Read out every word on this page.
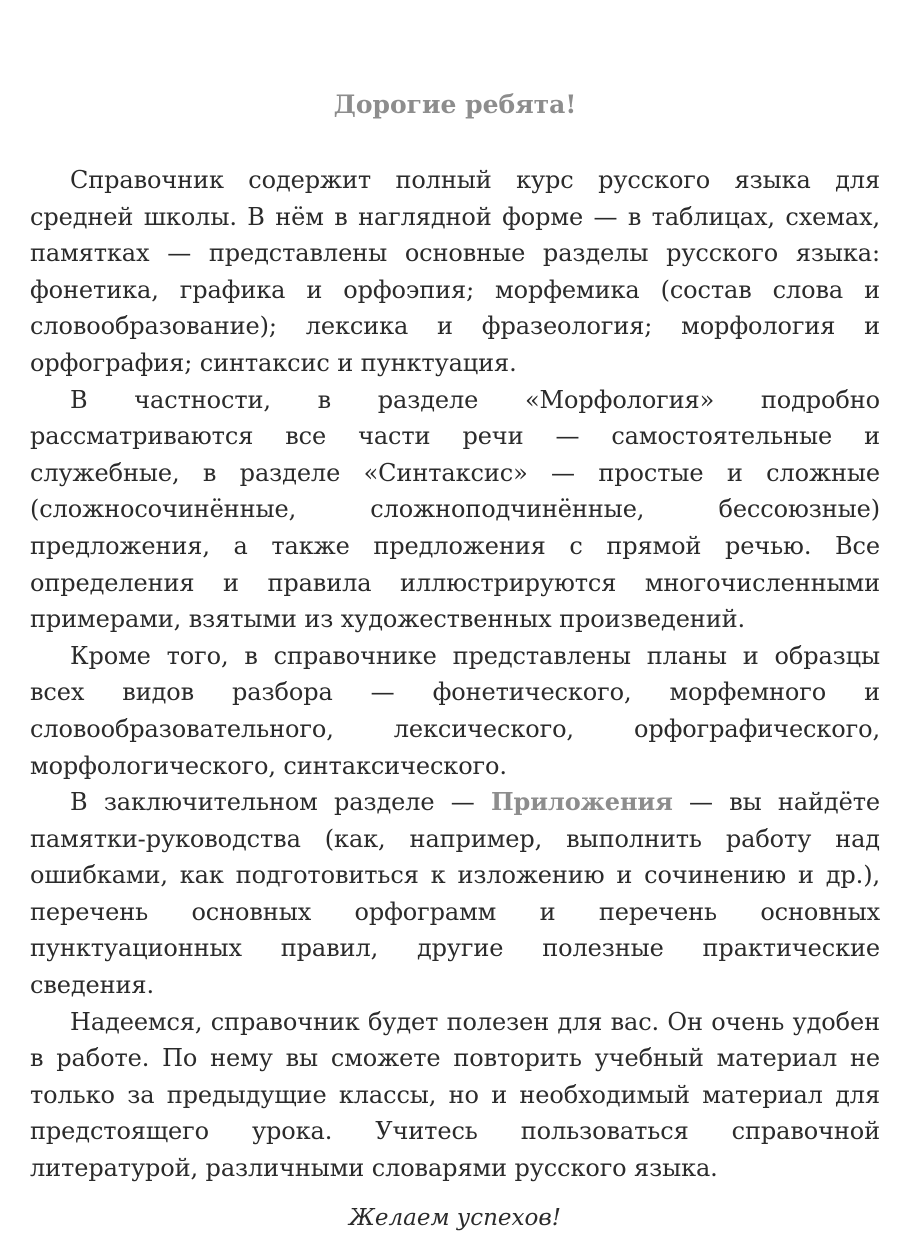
Дорогие ребята!

Справочник содержит полный курс русского языка для средней школы. В нём в наглядной форме — в таблицах, схемах, памятках — представлены основные разделы русского языка: фонетика, графика и орфоэпия; морфемика (состав слова и словообразование); лексика и фразеология; морфология и орфография; синтаксис и пунктуация.

В частности, в разделе «Морфология» подробно рассматриваются все части речи — самостоятельные и служебные, в разделе «Синтаксис» — простые и сложные (сложносочинённые, сложноподчинённые, бессоюзные) предложения, а также предложения с прямой речью. Все определения и правила иллюстрируются многочисленными примерами, взятыми из художественных произведений.

Кроме того, в справочнике представлены планы и образцы всех видов разбора — фонетического, морфемного и словообразовательного, лексического, орфографического, морфологического, синтаксического.

В заключительном разделе — Приложения — вы найдёте памятки-руководства (как, например, выполнить работу над ошибками, как подготовиться к изложению и сочинению и др.), перечень основных орфограмм и перечень основных пунктуационных правил, другие полезные практические сведения.

Надеемся, справочник будет полезен для вас. Он очень удобен в работе. По нему вы сможете повторить учебный материал не только за предыдущие классы, но и необходимый материал для предстоящего урока. Учитесь пользоваться справочной литературой, различными словарями русского языка.

Желаем успехов!
